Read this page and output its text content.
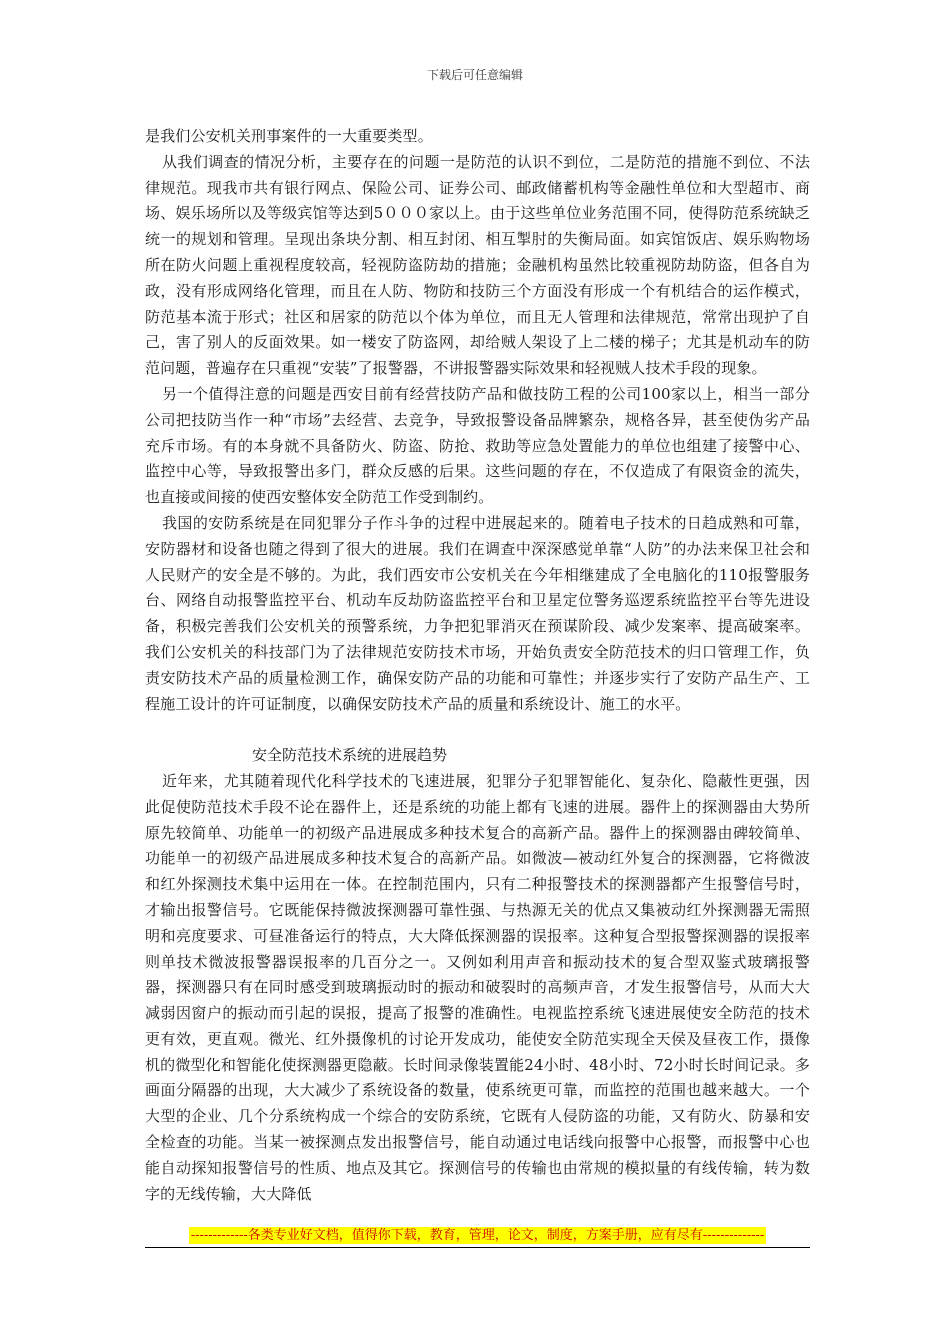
下载后可任意编辑

是我们公安机关刑事案件的一大重要类型。

从我们调查的情况分析，主要存在的问题一是防范的认识不到位，二是防范的措施不到位、不法律规范。现我市共有银行网点、保险公司、证券公司、邮政储蓄机构等金融性单位和大型超市、商场、娱乐场所以及等级宾馆等达到5０００家以上。由于这些单位业务范围不同，使得防范系统缺乏统一的规划和管理。呈现出条块分割、相互封闭、相互掣肘的失衡局面。如宾馆饭店、娱乐购物场所在防火问题上重视程度较高，轻视防盗防劫的措施；金融机构虽然比较重视防劫防盗，但各自为政，没有形成网络化管理，而且在人防、物防和技防三个方面没有形成一个有机结合的运作模式，防范基本流于形式；社区和居家的防范以个体为单位，而且无人管理和法律规范，常常出现护了自己，害了别人的反面效果。如一楼安了防盗网，却给贼人架设了上二楼的梯子；尤其是机动车的防范问题，普遍存在只重视“安装”了报警器，不讲报警器实际效果和轻视贼人技术手段的现象。

另一个值得注意的问题是西安目前有经营技防产品和做技防工程的公司100家以上，相当一部分公司把技防当作一种“市场”去经营、去竞争，导致报警设备品牌繁杂，规格各异，甚至使伪劣产品充斥市场。有的本身就不具备防火、防盗、防抢、救助等应急处置能力的单位也组建了接警中心、监控中心等，导致报警出多门，群众反感的后果。这些问题的存在，不仅造成了有限资金的流失，也直接或间接的使西安整体安全防范工作受到制约。

我国的安防系统是在同犯罪分子作斗争的过程中进展起来的。随着电子技术的日趋成熟和可靠，安防器材和设备也随之得到了很大的进展。我们在调查中深深感觉单靠“人防”的办法来保卫社会和人民财产的安全是不够的。为此，我们西安市公安机关在今年相继建成了全电脑化的110报警服务台、网络自动报警监控平台、机动车反劫防盗监控平台和卫星定位警务巡逻系统监控平台等先进设备，积极完善我们公安机关的预警系统，力争把犯罪消灭在预谋阶段、减少发案率、提高破案率。我们公安机关的科技部门为了法律规范安防技术市场，开始负责安全防范技术的归口管理工作，负责安防技术产品的质量检测工作，确保安防产品的功能和可靠性；并逐步实行了安防产品生产、工程施工设计的许可证制度，以确保安防技术产品的质量和系统设计、施工的水平。

安全防范技术系统的进展趋势

近年来，尤其随着现代化科学技术的飞速进展，犯罪分子犯罪智能化、复杂化、隐蔽性更强，因此促使防范技术手段不论在器件上，还是系统的功能上都有飞速的进展。器件上的探测器由大势所原先较简单、功能单一的初级产品进展成多种技术复合的高新产品。器件上的探测器由碑较简单、功能单一的初级产品进展成多种技术复合的高新产品。如微波—被动红外复合的探测器，它将微波和红外探测技术集中运用在一体。在控制范围内，只有二种报警技术的探测器都产生报警信号时，才输出报警信号。它既能保持微波探测器可靠性强、与热源无关的优点又集被动红外探测器无需照明和亮度要求、可昼准备运行的特点，大大降低探测器的误报率。这种复合型报警探测器的误报率则单技术微波报警器误报率的几百分之一。又例如利用声音和振动技术的复合型双鉴式玻璃报警器，探测器只有在同时感受到玻璃振动时的振动和破裂时的高频声音，才发生报警信号，从而大大减弱因窗户的振动而引起的误报，提高了报警的准确性。电视监控系统飞速进展使安全防范的技术更有效，更直观。微光、红外摄像机的讨论开发成功，能使安全防范实现全天侯及昼夜工作，摄像机的微型化和智能化使探测器更隐蔽。长时间录像装置能24小时、48小时、72小时长时间记录。多画面分隔器的出现，大大减少了系统设备的数量，使系统更可靠，而监控的范围也越来越大。一个大型的企业、几个分系统构成一个综合的安防系统，它既有人侵防盗的功能，又有防火、防暴和安全检查的功能。当某一被探测点发出报警信号，能自动通过电话线向报警中心报警，而报警中心也能自动探知报警信号的性质、地点及其它。探测信号的传输也由常规的模拟量的有线传输，转为数字的无线传输，大大降低

-------------各类专业好文档，值得你下载，教育，管理，论文，制度，方案手册，应有尽有--------------
